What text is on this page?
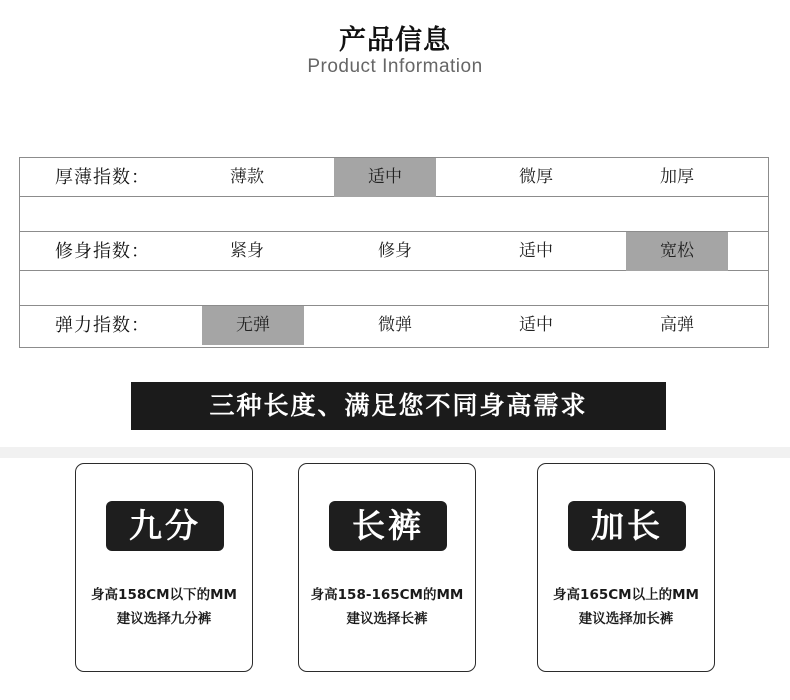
产品信息
Product Information
厚薄指数：	薄款	适中	微厚	加厚
修身指数：	紧身	修身	适中	宽松
弹力指数：	无弹	微弹	适中	高弹
三种长度、满足您不同身高需求
九分
身高158CM以下的MM
建议选择九分裤
长裤
身高158-165CM的MM
建议选择长裤
加长
身高165CM以上的MM
建议选择加长裤
